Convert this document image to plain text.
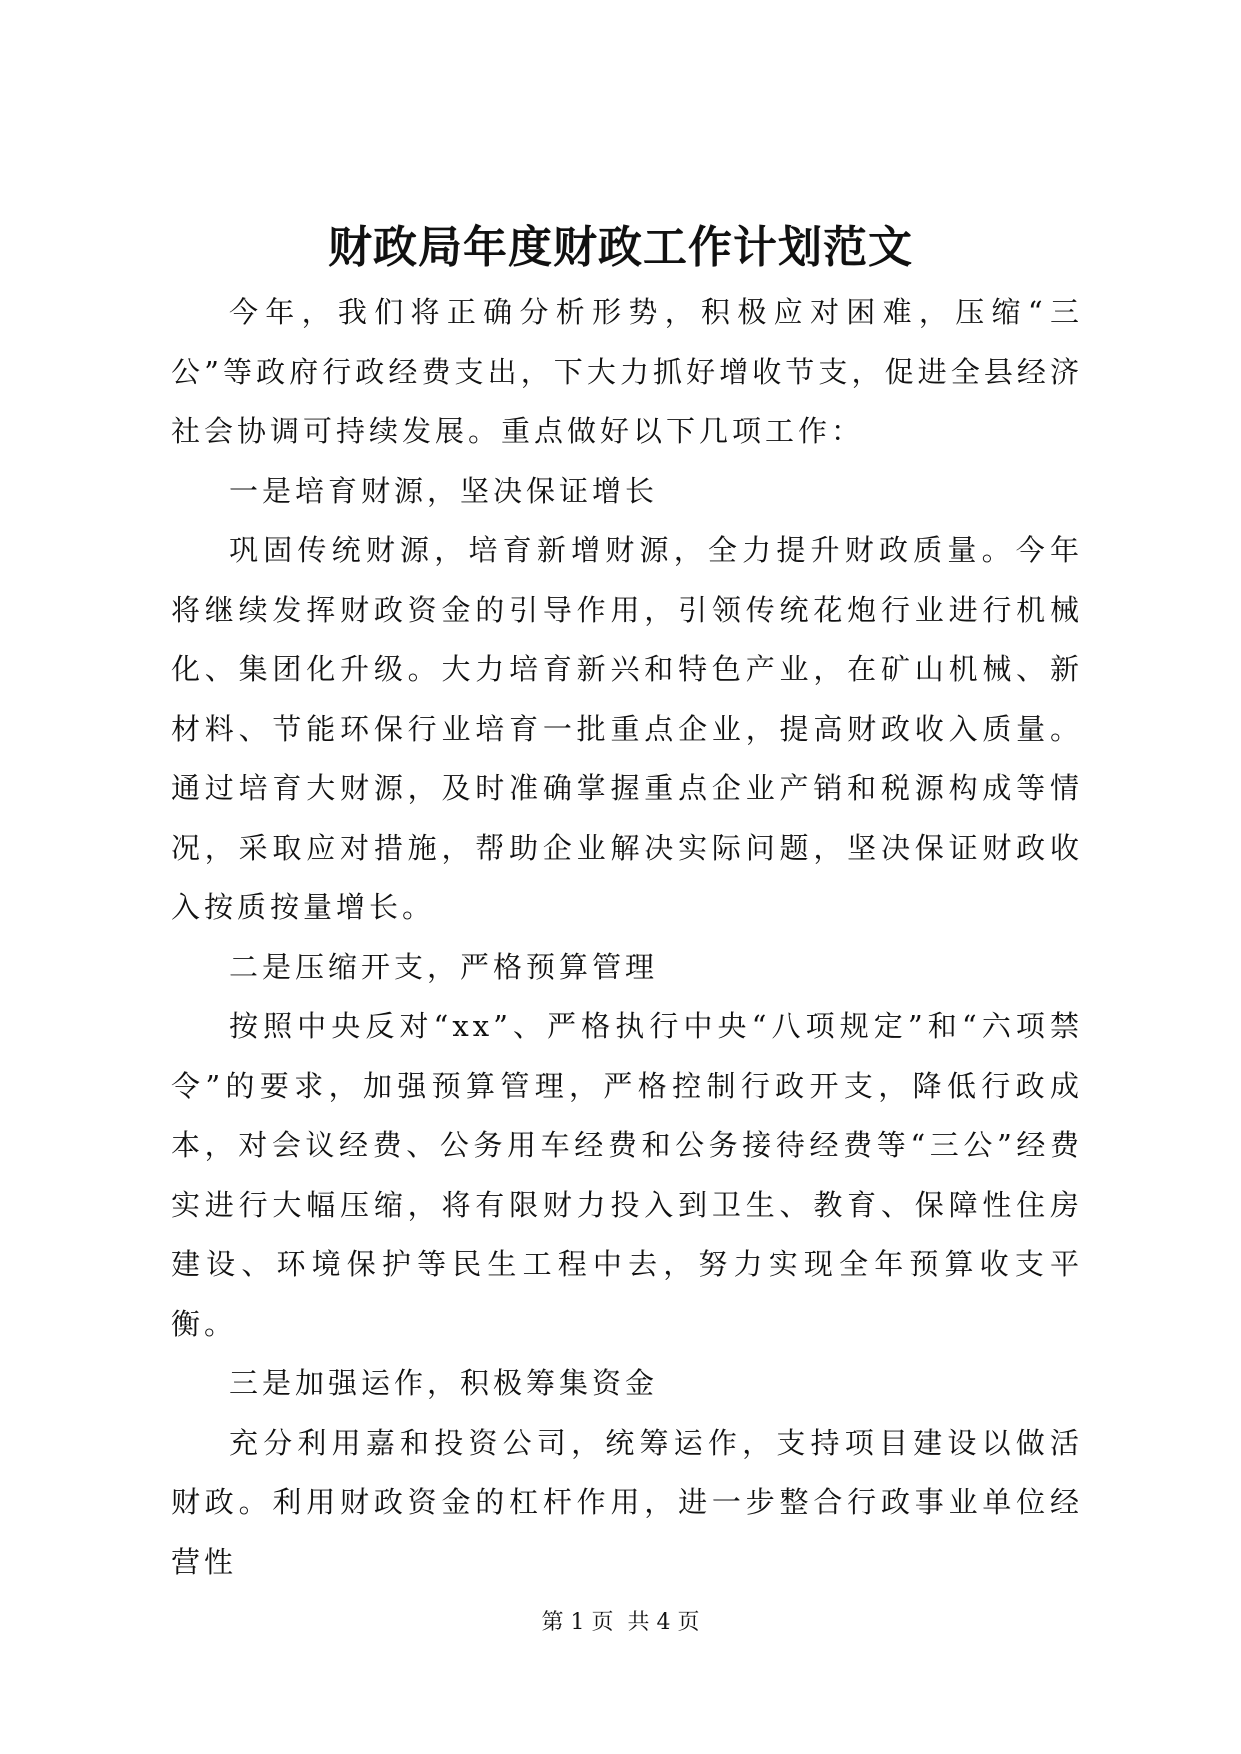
财政局年度财政工作计划范文

今年，我们将正确分析形势，积极应对困难，压缩“三公”等政府行政经费支出，下大力抓好增收节支，促进全县经济社会协调可持续发展。重点做好以下几项工作：

一是培育财源，坚决保证增长

巩固传统财源，培育新增财源，全力提升财政质量。今年将继续发挥财政资金的引导作用，引领传统花炮行业进行机械化、集团化升级。大力培育新兴和特色产业，在矿山机械、新材料、节能环保行业培育一批重点企业，提高财政收入质量。通过培育大财源，及时准确掌握重点企业产销和税源构成等情况，采取应对措施，帮助企业解决实际问题，坚决保证财政收入按质按量增长。

二是压缩开支，严格预算管理

按照中央反对“xx”、严格执行中央“八项规定”和“六项禁令”的要求，加强预算管理，严格控制行政开支，降低行政成本，对会议经费、公务用车经费和公务接待经费等“三公”经费实进行大幅压缩，将有限财力投入到卫生、教育、保障性住房建设、环境保护等民生工程中去，努力实现全年预算收支平衡。

三是加强运作，积极筹集资金

充分利用嘉和投资公司，统筹运作，支持项目建设以做活财政。利用财政资金的杠杆作用，进一步整合行政事业单位经营性

第 1 页 共 4 页
